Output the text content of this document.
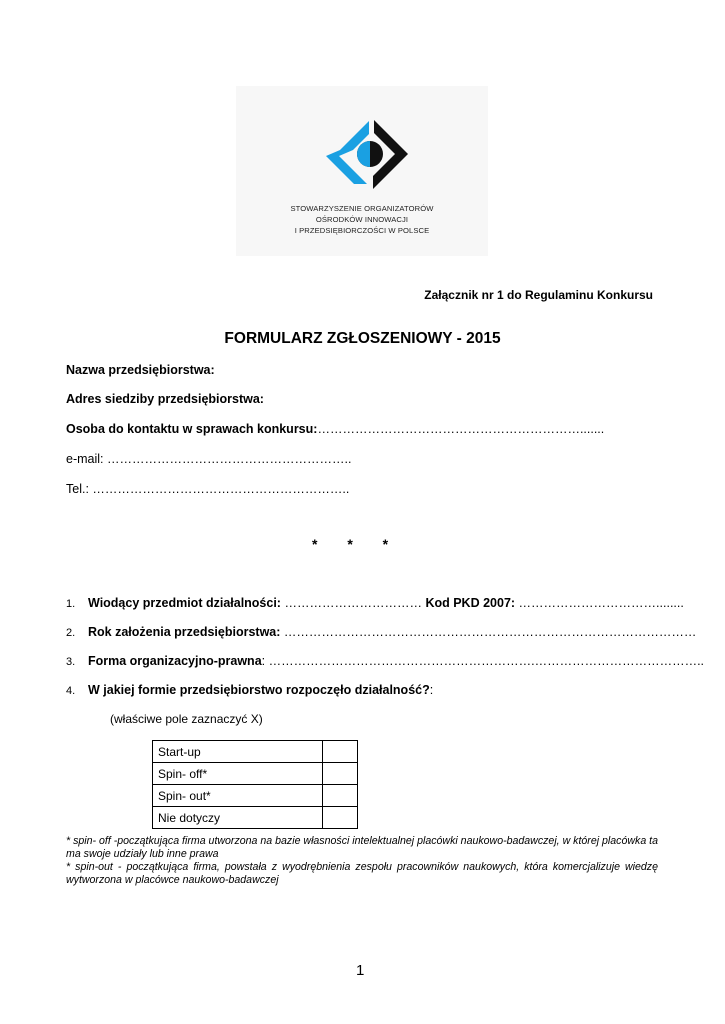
STOWARZYSZENIE ORGANIZATORÓW
OŚRODKÓW INNOWACJI
I PRZEDSIĘBIORCZOŚCI W POLSCE
Załącznik nr 1 do Regulaminu Konkursu
FORMULARZ ZGŁOSZENIOWY - 2015
Nazwa przedsiębiorstwa:
Adres siedziby przedsiębiorstwa:
Osoba do kontaktu w sprawach konkursu:……………………………………………………….......
e-mail: …………………………………………………..
Tel.: ……………………………………………………..
* * *
1. Wiodący przedmiot działalności: …………………………… Kod PKD 2007: ……………………………........
2. Rok założenia przedsiębiorstwa: ………………………………………………………………………………………
3. Forma organizacyjno-prawna: ……………………………………………………….…………………………………..
4. W jakiej formie przedsiębiorstwo rozpoczęło działalność?:
(właściwe pole zaznaczyć X)
Start-up	
Spin- off*	
Spin- out*	
Nie dotyczy	
* spin- off -początkująca firma utworzona na bazie własności intelektualnej placówki naukowo-badawczej, w której placówka ta ma swoje udziały lub inne prawa
* spin-out - początkująca firma, powstała z wyodrębnienia zespołu pracowników naukowych, która komercjalizuje wiedzę wytworzona w placówce naukowo-badawczej
1
